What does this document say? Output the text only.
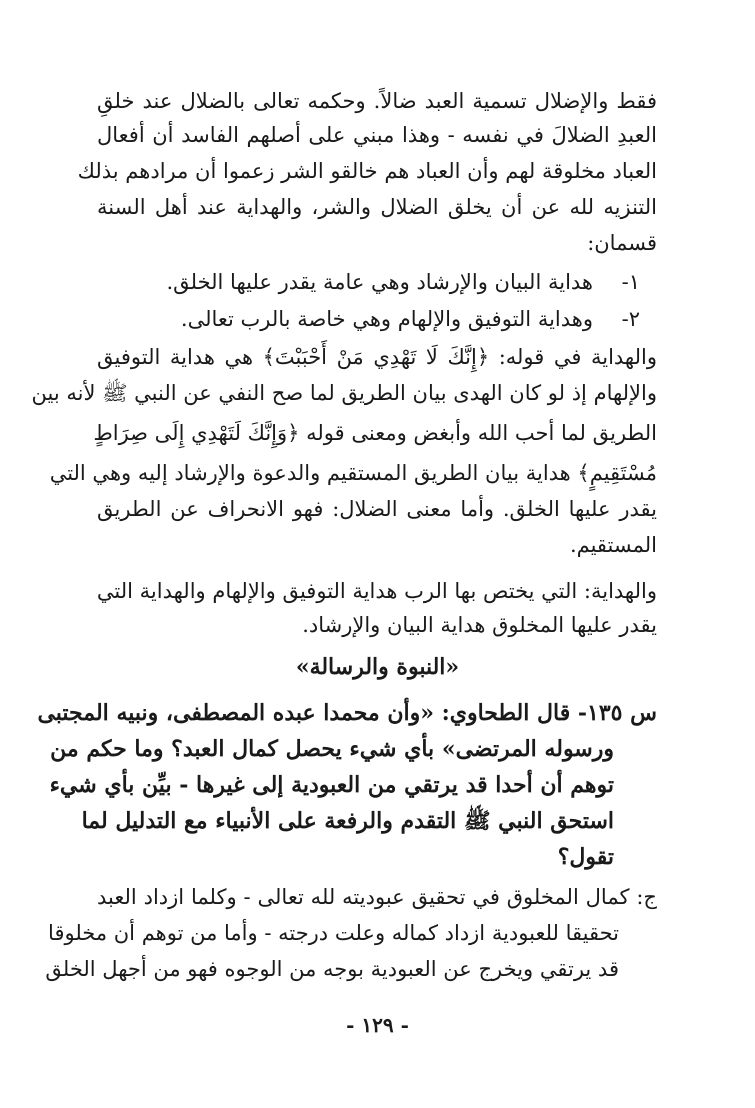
فقط والإضلال تسمية العبد ضالاً. وحكمه تعالى بالضلال عند خلقِ
العبدِ الضلالَ في نفسه - وهذا مبني على أصلهم الفاسد أن أفعال
العباد مخلوقة لهم وأن العباد هم خالقو الشر زعموا أن مرادهم بذلك
التنزيه لله عن أن يخلق الضلال والشر، والهداية عند أهل السنة
قسمان:
١-
هداية البيان والإرشاد وهي عامة يقدر عليها الخلق.
٢-
وهداية التوفيق والإلهام وهي خاصة بالرب تعالى.
والهداية في قوله: ﴿إِنَّكَ لَا تَهْدِي مَنْ أَحْبَبْتَ﴾ هي هداية التوفيق
والإلهام إذ لو كان الهدى بيان الطريق لما صح النفي عن النبي ﷺ لأنه بين
الطريق لما أحب الله وأبغض ومعنى قوله ﴿وَإِنَّكَ لَتَهْدِي إِلَى صِرَاطٍ
مُسْتَقِيمٍ﴾ هداية بيان الطريق المستقيم والدعوة والإرشاد إليه وهي التي
يقدر عليها الخلق. وأما معنى الضلال: فهو الانحراف عن الطريق
المستقيم.
والهداية: التي يختص بها الرب هداية التوفيق والإلهام والهداية التي
يقدر عليها المخلوق هداية البيان والإرشاد.
«النبوة والرسالة»
س ١٣٥- قال الطحاوي: «وأن محمدا عبده المصطفى، ونبيه المجتبى
ورسوله المرتضى» بأي شيء يحصل كمال العبد؟ وما حكم من
توهم أن أحدا قد يرتقي من العبودية إلى غيرها - بيِّن بأي شيء
استحق النبي ﷺ التقدم والرفعة على الأنبياء مع التدليل لما
تقول؟
ج: كمال المخلوق في تحقيق عبوديته لله تعالى - وكلما ازداد العبد
تحقيقا للعبودية ازداد كماله وعلت درجته - وأما من توهم أن مخلوقا
قد يرتقي ويخرج عن العبودية بوجه من الوجوه فهو من أجهل الخلق
- ١٢٩ -
